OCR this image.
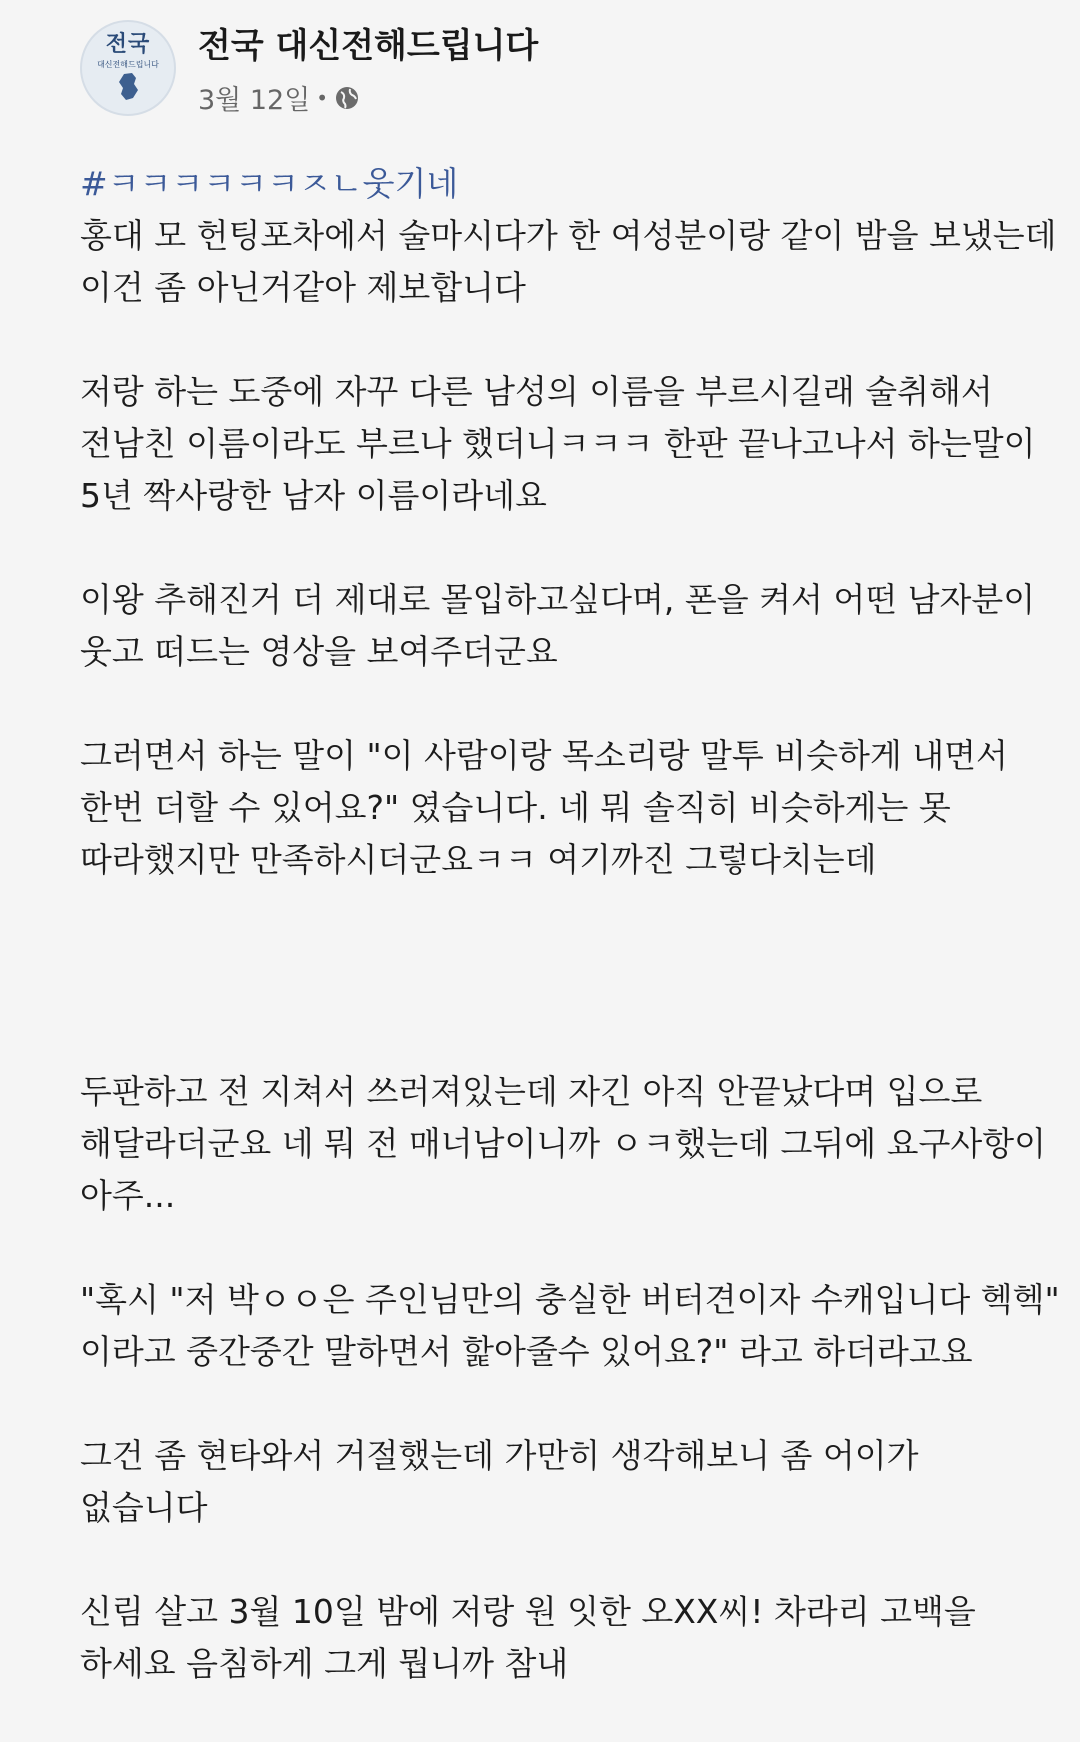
전국
대신전해드립니다 전국 대신전해드립니다
3월 12일 •
#ㅋㅋㅋㅋㅋㅋㅈㄴ웃기네
홍대 모 헌팅포차에서 술마시다가 한 여성분이랑 같이 밤을 보냈는데
이건 좀 아닌거같아 제보합니다
저랑 하는 도중에 자꾸 다른 남성의 이름을 부르시길래 술취해서
전남친 이름이라도 부르나 했더니ㅋㅋㅋ 한판 끝나고나서 하는말이
5년 짝사랑한 남자 이름이라네요
이왕 추해진거 더 제대로 몰입하고싶다며, 폰을 켜서 어떤 남자분이
웃고 떠드는 영상을 보여주더군요
그러면서 하는 말이 "이 사람이랑 목소리랑 말투 비슷하게 내면서
한번 더할 수 있어요?" 였습니다. 네 뭐 솔직히 비슷하게는 못
따라했지만 만족하시더군요ㅋㅋ 여기까진 그렇다치는데
두판하고 전 지쳐서 쓰러져있는데 자긴 아직 안끝났다며 입으로
해달라더군요 네 뭐 전 매너남이니까 ㅇㅋ했는데 그뒤에 요구사항이
아주...
"혹시 "저 박ㅇㅇ은 주인님만의 충실한 버터견이자 수캐입니다 헥헥"
이라고 중간중간 말하면서 핥아줄수 있어요?" 라고 하더라고요
그건 좀 현타와서 거절했는데 가만히 생각해보니 좀 어이가
없습니다
신림 살고 3월 10일 밤에 저랑 원 잇한 오XX씨! 차라리 고백을
하세요 음침하게 그게 뭡니까 참내
